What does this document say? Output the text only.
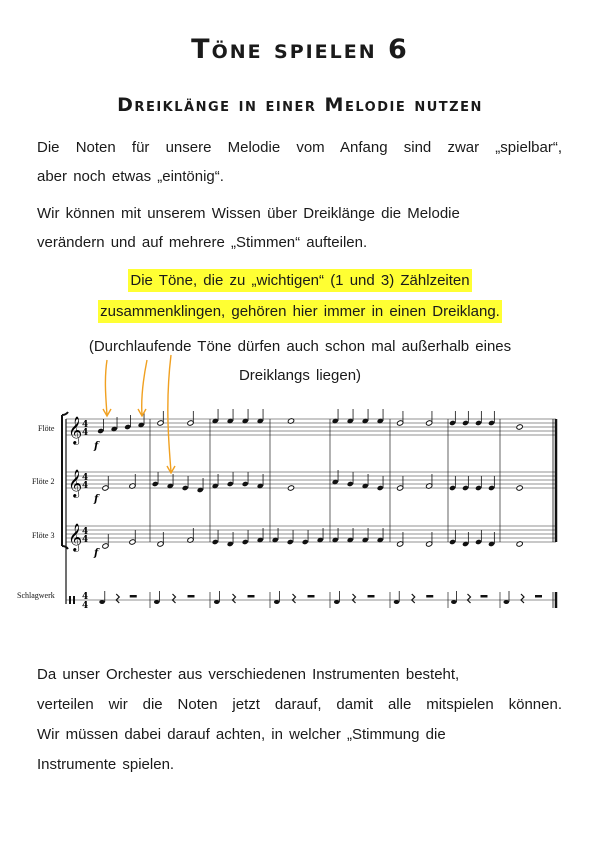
Töne spielen 6
Dreiklänge in einer Melodie nutzen
Die Noten für unsere Melodie vom Anfang sind zwar „spielbar“,
aber noch etwas „eintönig“.
Wir können mit unserem Wissen über Dreiklänge die Melodie
verändern und auf mehrere „Stimmen“ aufteilen.
Die Töne, die zu „wichtigen“ (1 und 3) Zählzeiten
zusammenklingen, gehören hier immer in einen Dreiklang.
(Durchlaufende Töne dürfen auch schon mal außerhalb eines
Dreiklangs liegen)
𝄞 4
4
f
𝄞 4
4
f
𝄞 4
4
f
4
4
Flöte
Flöte 2
Flöte 3
Schlagwerk
Da unser Orchester aus verschiedenen Instrumenten besteht,
verteilen wir die Noten jetzt darauf, damit alle mitspielen können.
Wir müssen dabei darauf achten, in welcher „Stimmung die
Instrumente spielen.
